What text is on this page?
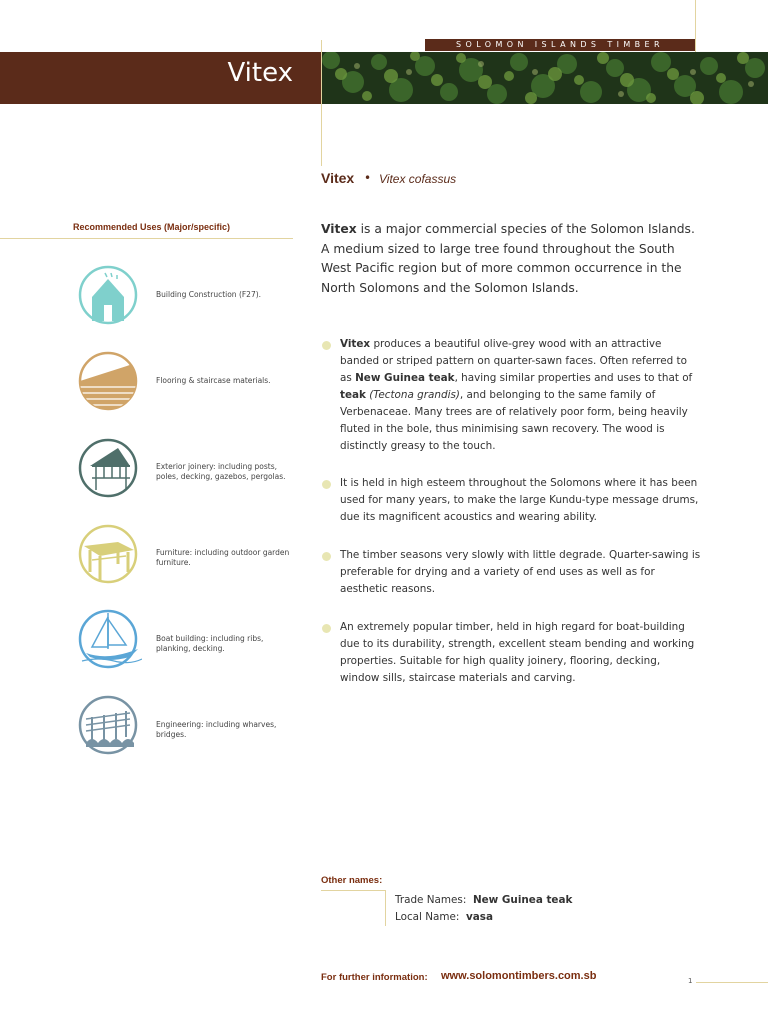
SOLOMON ISLANDS TIMBER
Vitex
Vitex • Vitex cofassus
Recommended Uses (Major/specific)
Building Construction (F27).
Flooring & staircase materials.
Exterior joinery: including posts, poles, decking, gazebos, pergolas.
Furniture: including outdoor garden furniture.
Boat building: including ribs, planking, decking.
Engineering: including wharves, bridges.
Vitex is a major commercial species of the Solomon Islands. A medium sized to large tree found throughout the South West Pacific region but of more common occurrence in the North Solomons and the Solomon Islands.
Vitex produces a beautiful olive-grey wood with an attractive banded or striped pattern on quarter-sawn faces. Often referred to as New Guinea teak, having similar properties and uses to that of teak (Tectona grandis), and belonging to the same family of Verbenaceae. Many trees are of relatively poor form, being heavily fluted in the bole, thus minimising sawn recovery. The wood is distinctly greasy to the touch.
It is held in high esteem throughout the Solomons where it has been used for many years, to make the large Kundu-type message drums, due its magnificent acoustics and wearing ability.
The timber seasons very slowly with little degrade. Quarter-sawing is preferable for drying and a variety of end uses as well as for aesthetic reasons.
An extremely popular timber, held in high regard for boat-building due to its durability, strength, excellent steam bending and working properties. Suitable for high quality joinery, flooring, decking, window sills, staircase materials and carving.
Other names:
Trade Names: New Guinea teak
Local Name: vasa
For further information: www.solomontimbers.com.sb	1
